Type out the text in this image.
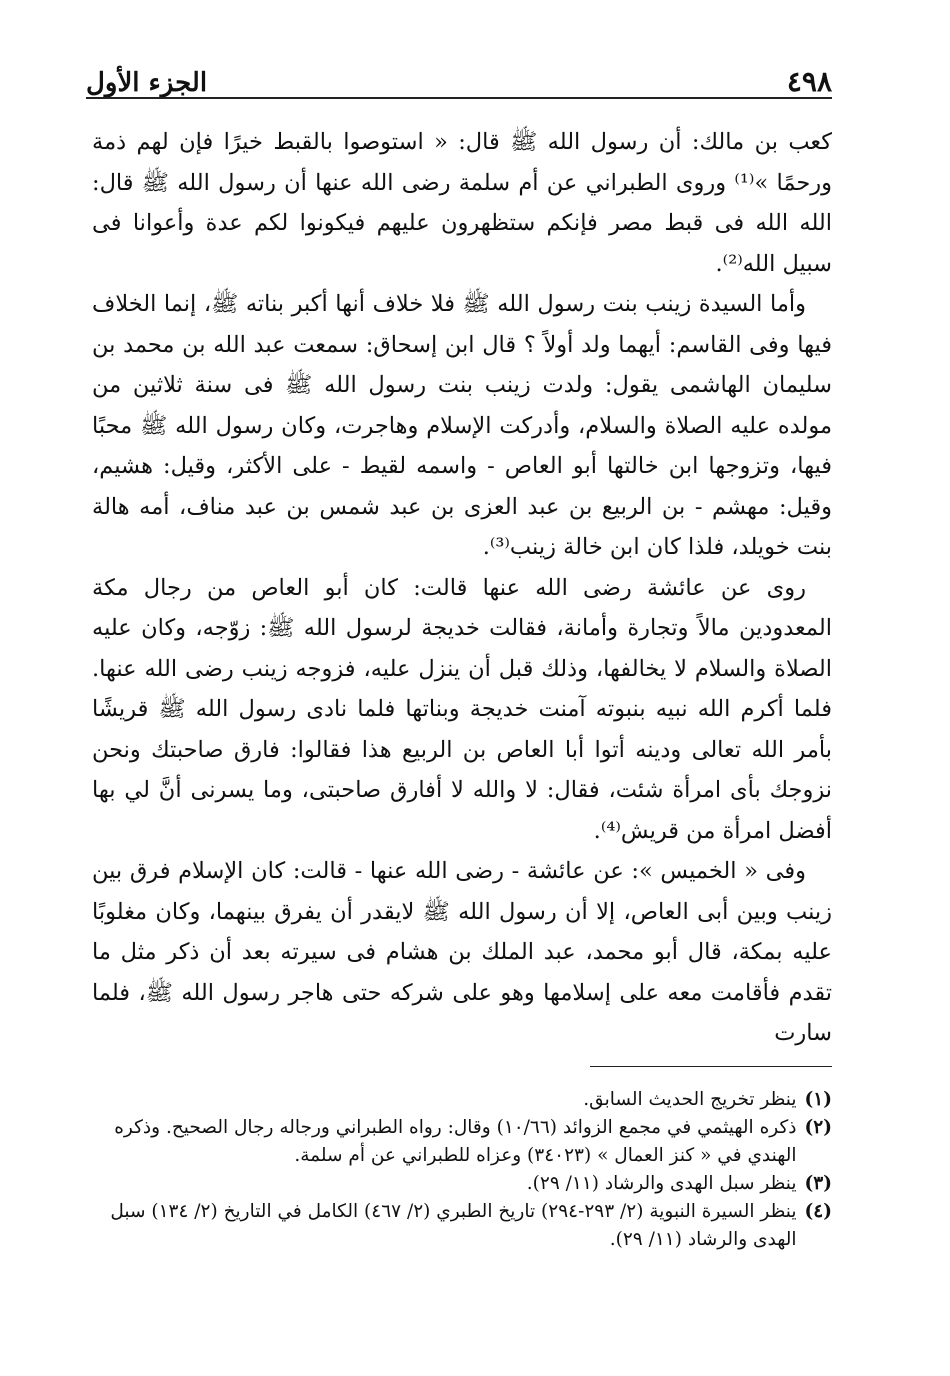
٤٩٨
الجزء الأول

كعب بن مالك: أن رسول الله ﷺ قال: « استوصوا بالقبط خيرًا فإن لهم ذمة ورحمًا »⁽¹⁾ وروى الطبراني عن أم سلمة رضى الله عنها أن رسول الله ﷺ قال: الله الله فى قبط مصر فإنكم ستظهرون عليهم فيكونوا لكم عدة وأعوانا فى سبيل الله⁽²⁾.

وأما السيدة زينب بنت رسول الله ﷺ فلا خلاف أنها أكبر بناته ﷺ، إنما الخلاف فيها وفى القاسم: أيهما ولد أولاً ؟ قال ابن إسحاق: سمعت عبد الله بن محمد بن سليمان الهاشمى يقول: ولدت زينب بنت رسول الله ﷺ فى سنة ثلاثين من مولده عليه الصلاة والسلام، وأدركت الإسلام وهاجرت، وكان رسول الله ﷺ محبًا فيها، وتزوجها ابن خالتها أبو العاص - واسمه لقيط - على الأكثر، وقيل: هشيم، وقيل: مهشم - بن الربيع بن عبد العزى بن عبد شمس بن عبد مناف، أمه هالة بنت خويلد، فلذا كان ابن خالة زينب⁽³⁾.

روى عن عائشة رضى الله عنها قالت: كان أبو العاص من رجال مكة المعدودين مالاً وتجارة وأمانة، فقالت خديجة لرسول الله ﷺ: زوّجه، وكان عليه الصلاة والسلام لا يخالفها، وذلك قبل أن ينزل عليه، فزوجه زينب رضى الله عنها. فلما أكرم الله نبيه بنبوته آمنت خديجة وبناتها فلما نادى رسول الله ﷺ قريشًا بأمر الله تعالى ودينه أتوا أبا العاص بن الربيع هذا فقالوا: فارق صاحبتك ونحن نزوجك بأى امرأة شئت، فقال: لا والله لا أفارق صاحبتى، وما يسرنى أنَّ لي بها أفضل امرأة من قريش⁽⁴⁾.

وفى « الخميس »: عن عائشة - رضى الله عنها - قالت: كان الإسلام فرق بين زينب وبين أبى العاص، إلا أن رسول الله ﷺ لايقدر أن يفرق بينهما، وكان مغلوبًا عليه بمكة، قال أبو محمد، عبد الملك بن هشام فى سيرته بعد أن ذكر مثل ما تقدم فأقامت معه على إسلامها وهو على شركه حتى هاجر رسول الله ﷺ، فلما سارت

(١)
ينظر تخريج الحديث السابق.

(٢)
ذكره الهيثمي في مجمع الزوائد (١٠/٦٦) وقال: رواه الطبراني ورجاله رجال الصحيح. وذكره الهندي في « كنز العمال » (٣٤٠٢٣) وعزاه للطبراني عن أم سلمة.

(٣)
ينظر سبل الهدى والرشاد (١١/ ٢٩).

(٤)
ينظر السيرة النبوية (٢/ ٢٩٣-٢٩٤) تاريخ الطبري (٢/ ٤٦٧) الكامل في التاريخ (٢/ ١٣٤) سبل الهدى والرشاد (١١/ ٢٩).
